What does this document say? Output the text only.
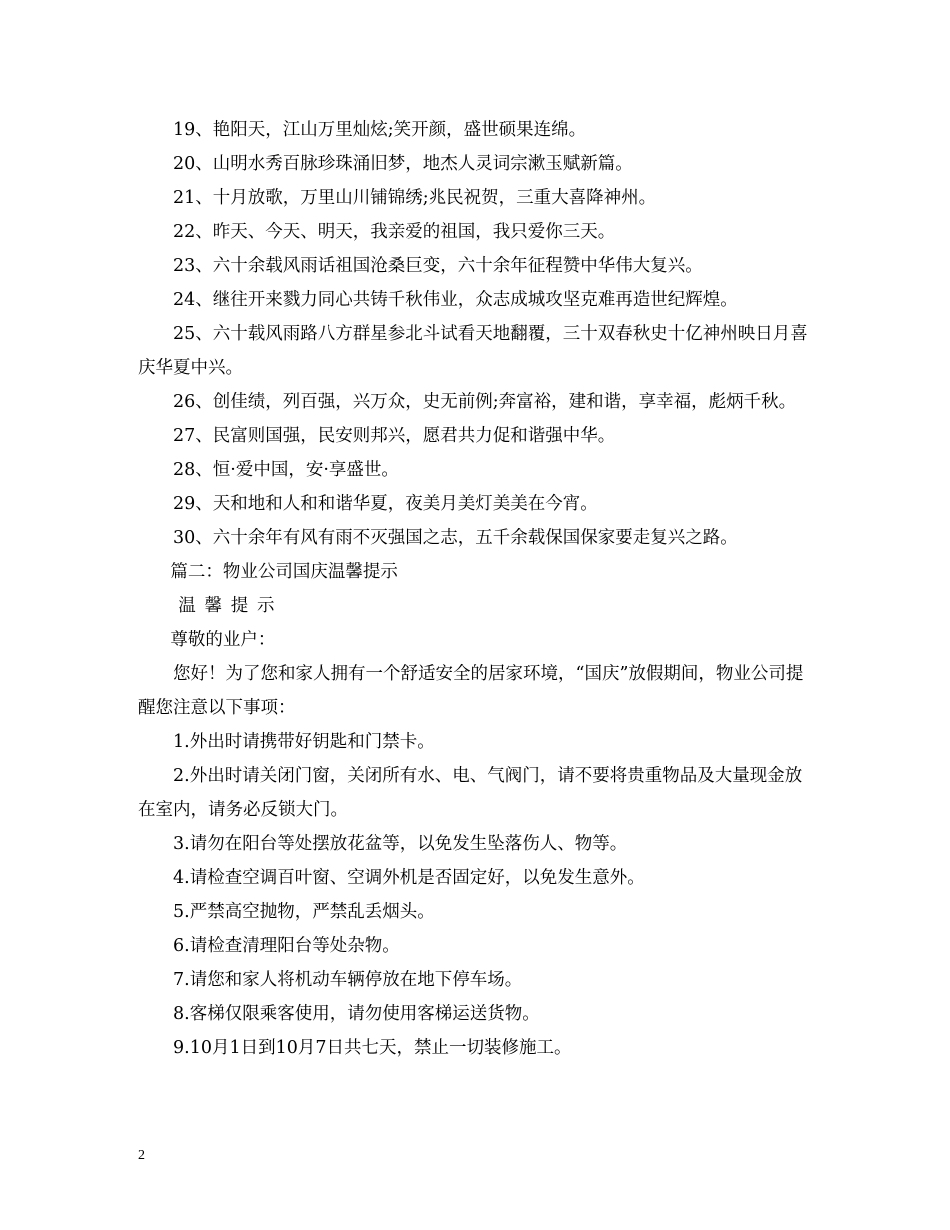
19、艳阳天，江山万里灿炫;笑开颜，盛世硕果连绵。

20、山明水秀百脉珍珠涌旧梦，地杰人灵词宗漱玉赋新篇。

21、十月放歌，万里山川铺锦绣;兆民祝贺，三重大喜降神州。

22、昨天、今天、明天，我亲爱的祖国，我只爱你三天。

23、六十余载风雨话祖国沧桑巨变，六十余年征程赞中华伟大复兴。

24、继往开来戮力同心共铸千秋伟业，众志成城攻坚克难再造世纪辉煌。

25、六十载风雨路八方群星参北斗试看天地翻覆，三十双春秋史十亿神州映日月喜庆华夏中兴。

26、创佳绩，列百强，兴万众，史无前例;奔富裕，建和谐，享幸福，彪炳千秋。

27、民富则国强，民安则邦兴，愿君共力促和谐强中华。

28、恒·爱中国，安·享盛世。

29、天和地和人和和谐华夏，夜美月美灯美美在今宵。

30、六十余年有风有雨不灭强国之志，五千余载保国保家要走复兴之路。

篇二：物业公司国庆温馨提示

温馨提示

尊敬的业户：

您好！为了您和家人拥有一个舒适安全的居家环境，“国庆”放假期间，物业公司提醒您注意以下事项：

1.外出时请携带好钥匙和门禁卡。

2.外出时请关闭门窗，关闭所有水、电、气阀门，请不要将贵重物品及大量现金放在室内，请务必反锁大门。

3.请勿在阳台等处摆放花盆等，以免发生坠落伤人、物等。

4.请检查空调百叶窗、空调外机是否固定好，以免发生意外。

5.严禁高空抛物，严禁乱丢烟头。

6.请检查清理阳台等处杂物。

7.请您和家人将机动车辆停放在地下停车场。

8.客梯仅限乘客使用，请勿使用客梯运送货物。

9.10月1日到10月7日共七天，禁止一切装修施工。

2
